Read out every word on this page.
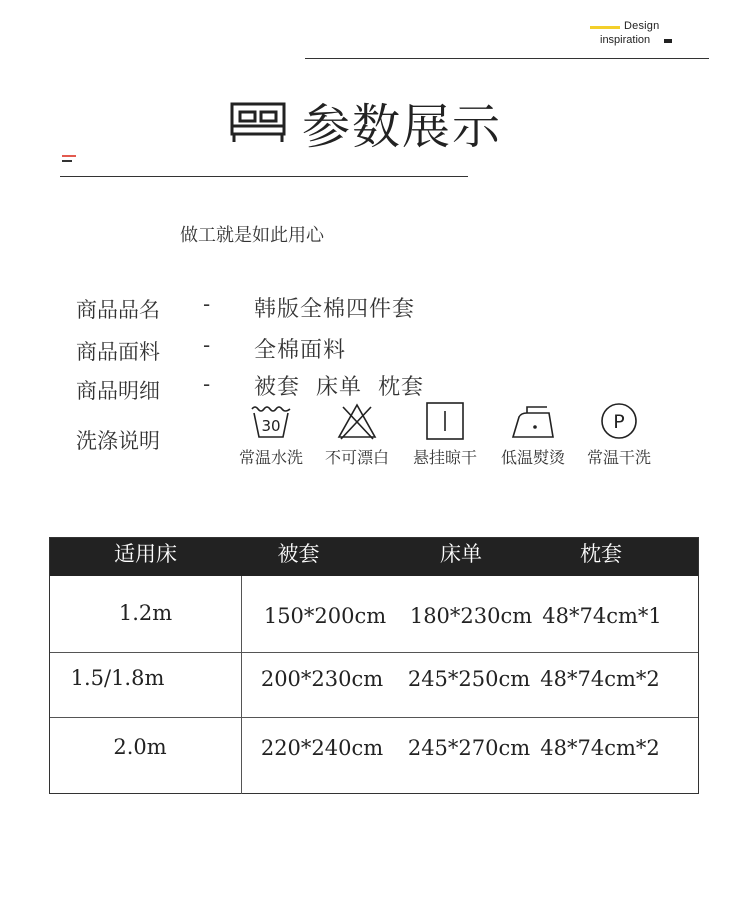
Design
inspiration
参数展示
做工就是如此用心
商品品名 - 韩版全棉四件套
商品面料 - 全棉面料
商品明细 - 被套  床单  枕套
洗涤说明
30
常温水洗	不可漂白	悬挂晾干	低温熨烫
P
常温干洗
适用床	被套	床单	枕套
1.2m	150*200cm	180*230cm 48*74cm*1
1.5/1.8m	200*230cm	245*250cm 48*74cm*2
2.0m	220*240cm	245*270cm 48*74cm*2
